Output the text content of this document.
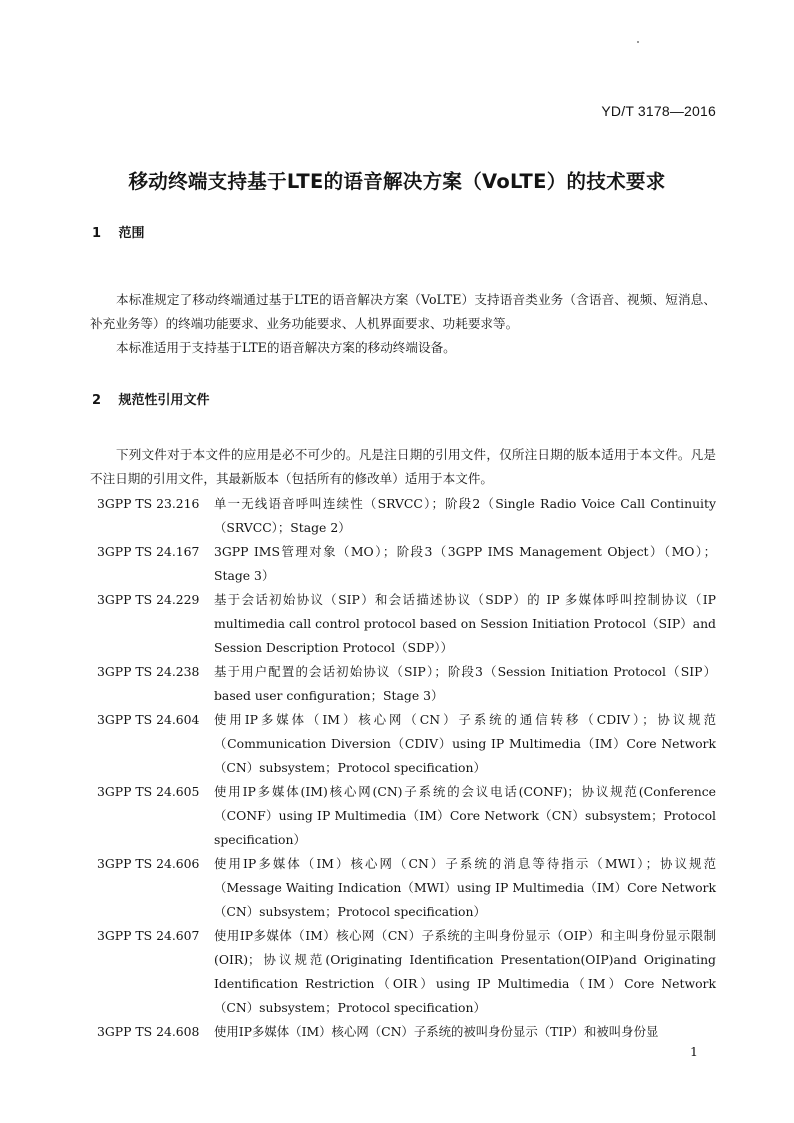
YD/T 3178—2016
移动终端支持基于LTE的语音解决方案（VoLTE）的技术要求
1 范围

本标准规定了移动终端通过基于LTE的语音解决方案（VoLTE）支持语音类业务（含语音、视频、短消息、补充业务等）的终端功能要求、业务功能要求、人机界面要求、功耗要求等。

本标准适用于支持基于LTE的语音解决方案的移动终端设备。

2 规范性引用文件

下列文件对于本文件的应用是必不可少的。凡是注日期的引用文件，仅所注日期的版本适用于本文件。凡是不注日期的引用文件，其最新版本（包括所有的修改单）适用于本文件。

3GPP TS 23.216	单一无线语音呼叫连续性（SRVCC）；阶段2（Single Radio Voice Call Continuity（SRVCC）；Stage 2）
3GPP TS 24.167	3GPP IMS管理对象（MO）；阶段3（3GPP IMS Management Object）（MO）；Stage 3）
3GPP TS 24.229	基于会话初始协议（SIP）和会话描述协议（SDP）的 IP 多媒体呼叫控制协议（IP multimedia call control protocol based on Session Initiation Protocol（SIP）and Session Description Protocol（SDP））
3GPP TS 24.238	基于用户配置的会话初始协议（SIP）；阶段3（Session Initiation Protocol（SIP）based user configuration；Stage 3）
3GPP TS 24.604	使用IP多媒体（IM）核心网（CN）子系统的通信转移（CDIV）；协议规范（Communication Diversion（CDIV）using IP Multimedia（IM）Core Network（CN）subsystem；Protocol specification）
3GPP TS 24.605	使用IP多媒体(IM)核心网(CN)子系统的会议电话(CONF)；协议规范(Conference（CONF）using IP Multimedia（IM）Core Network（CN）subsystem；Protocol specification）
3GPP TS 24.606	使用IP多媒体（IM）核心网（CN）子系统的消息等待指示（MWI）；协议规范（Message Waiting Indication（MWI）using IP Multimedia（IM）Core Network（CN）subsystem；Protocol specification）
3GPP TS 24.607	使用IP多媒体（IM）核心网（CN）子系统的主叫身份显示（OIP）和主叫身份显示限制(OIR)；协议规范(Originating Identification Presentation(OIP)and Originating Identification Restriction（OIR）using IP Multimedia（IM）Core Network（CN）subsystem；Protocol specification）
3GPP TS 24.608	使用IP多媒体（IM）核心网（CN）子系统的被叫身份显示（TIP）和被叫身份显
1
